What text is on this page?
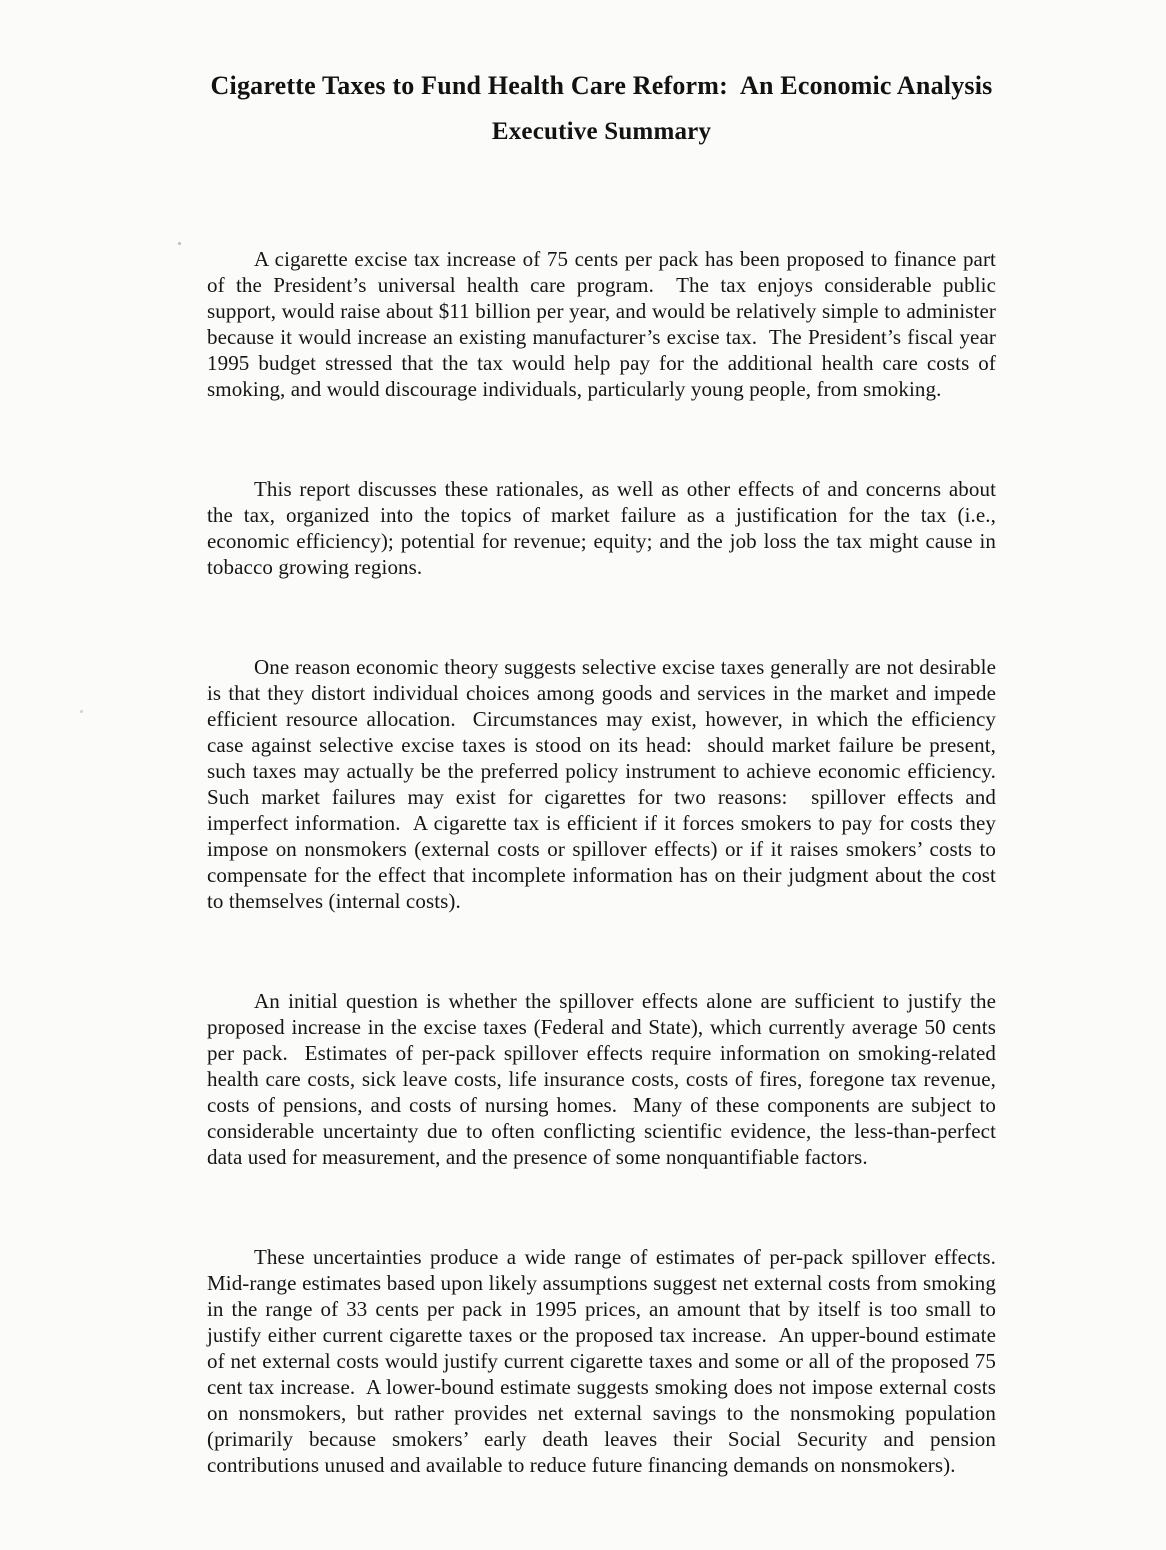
Cigarette Taxes to Fund Health Care Reform:  An Economic Analysis
Executive Summary

A cigarette excise tax increase of 75 cents per pack has been proposed to finance part of the President’s universal health care program.  The tax enjoys considerable public support, would raise about $11 billion per year, and would be relatively simple to administer because it would increase an existing manufacturer’s excise tax.  The President’s fiscal year 1995 budget stressed that the tax would help pay for the additional health care costs of smoking, and would discourage individuals, particularly young people, from smoking.

This report discusses these rationales, as well as other effects of and concerns about the tax, organized into the topics of market failure as a justification for the tax (i.e., economic efficiency); potential for revenue; equity; and the job loss the tax might cause in tobacco growing regions.

One reason economic theory suggests selective excise taxes generally are not desirable is that they distort individual choices among goods and services in the market and impede efficient resource allocation.  Circumstances may exist, however, in which the efficiency case against selective excise taxes is stood on its head:  should market failure be present, such taxes may actually be the preferred policy instrument to achieve economic efficiency.  Such market failures may exist for cigarettes for two reasons:  spillover effects and imperfect information.  A cigarette tax is efficient if it forces smokers to pay for costs they impose on nonsmokers (external costs or spillover effects) or if it raises smokers’ costs to compensate for the effect that incomplete information has on their judgment about the cost to themselves (internal costs).

An initial question is whether the spillover effects alone are sufficient to justify the proposed increase in the excise taxes (Federal and State), which currently average 50 cents per pack.  Estimates of per-pack spillover effects require information on smoking-related health care costs, sick leave costs, life insurance costs, costs of fires, foregone tax revenue, costs of pensions, and costs of nursing homes.  Many of these components are subject to considerable uncertainty due to often conflicting scientific evidence, the less-than-perfect data used for measurement, and the presence of some nonquantifiable factors.

These uncertainties produce a wide range of estimates of per-pack spillover effects.  Mid-range estimates based upon likely assumptions suggest net external costs from smoking in the range of 33 cents per pack in 1995 prices, an amount that by itself is too small to justify either current cigarette taxes or the proposed tax increase.  An upper-bound estimate of net external costs would justify current cigarette taxes and some or all of the proposed 75 cent tax increase.  A lower-bound estimate suggests smoking does not impose external costs on nonsmokers, but rather provides net external savings to the nonsmoking population (primarily because smokers’ early death leaves their Social Security and pension contributions unused and available to reduce future financing demands on nonsmokers).
